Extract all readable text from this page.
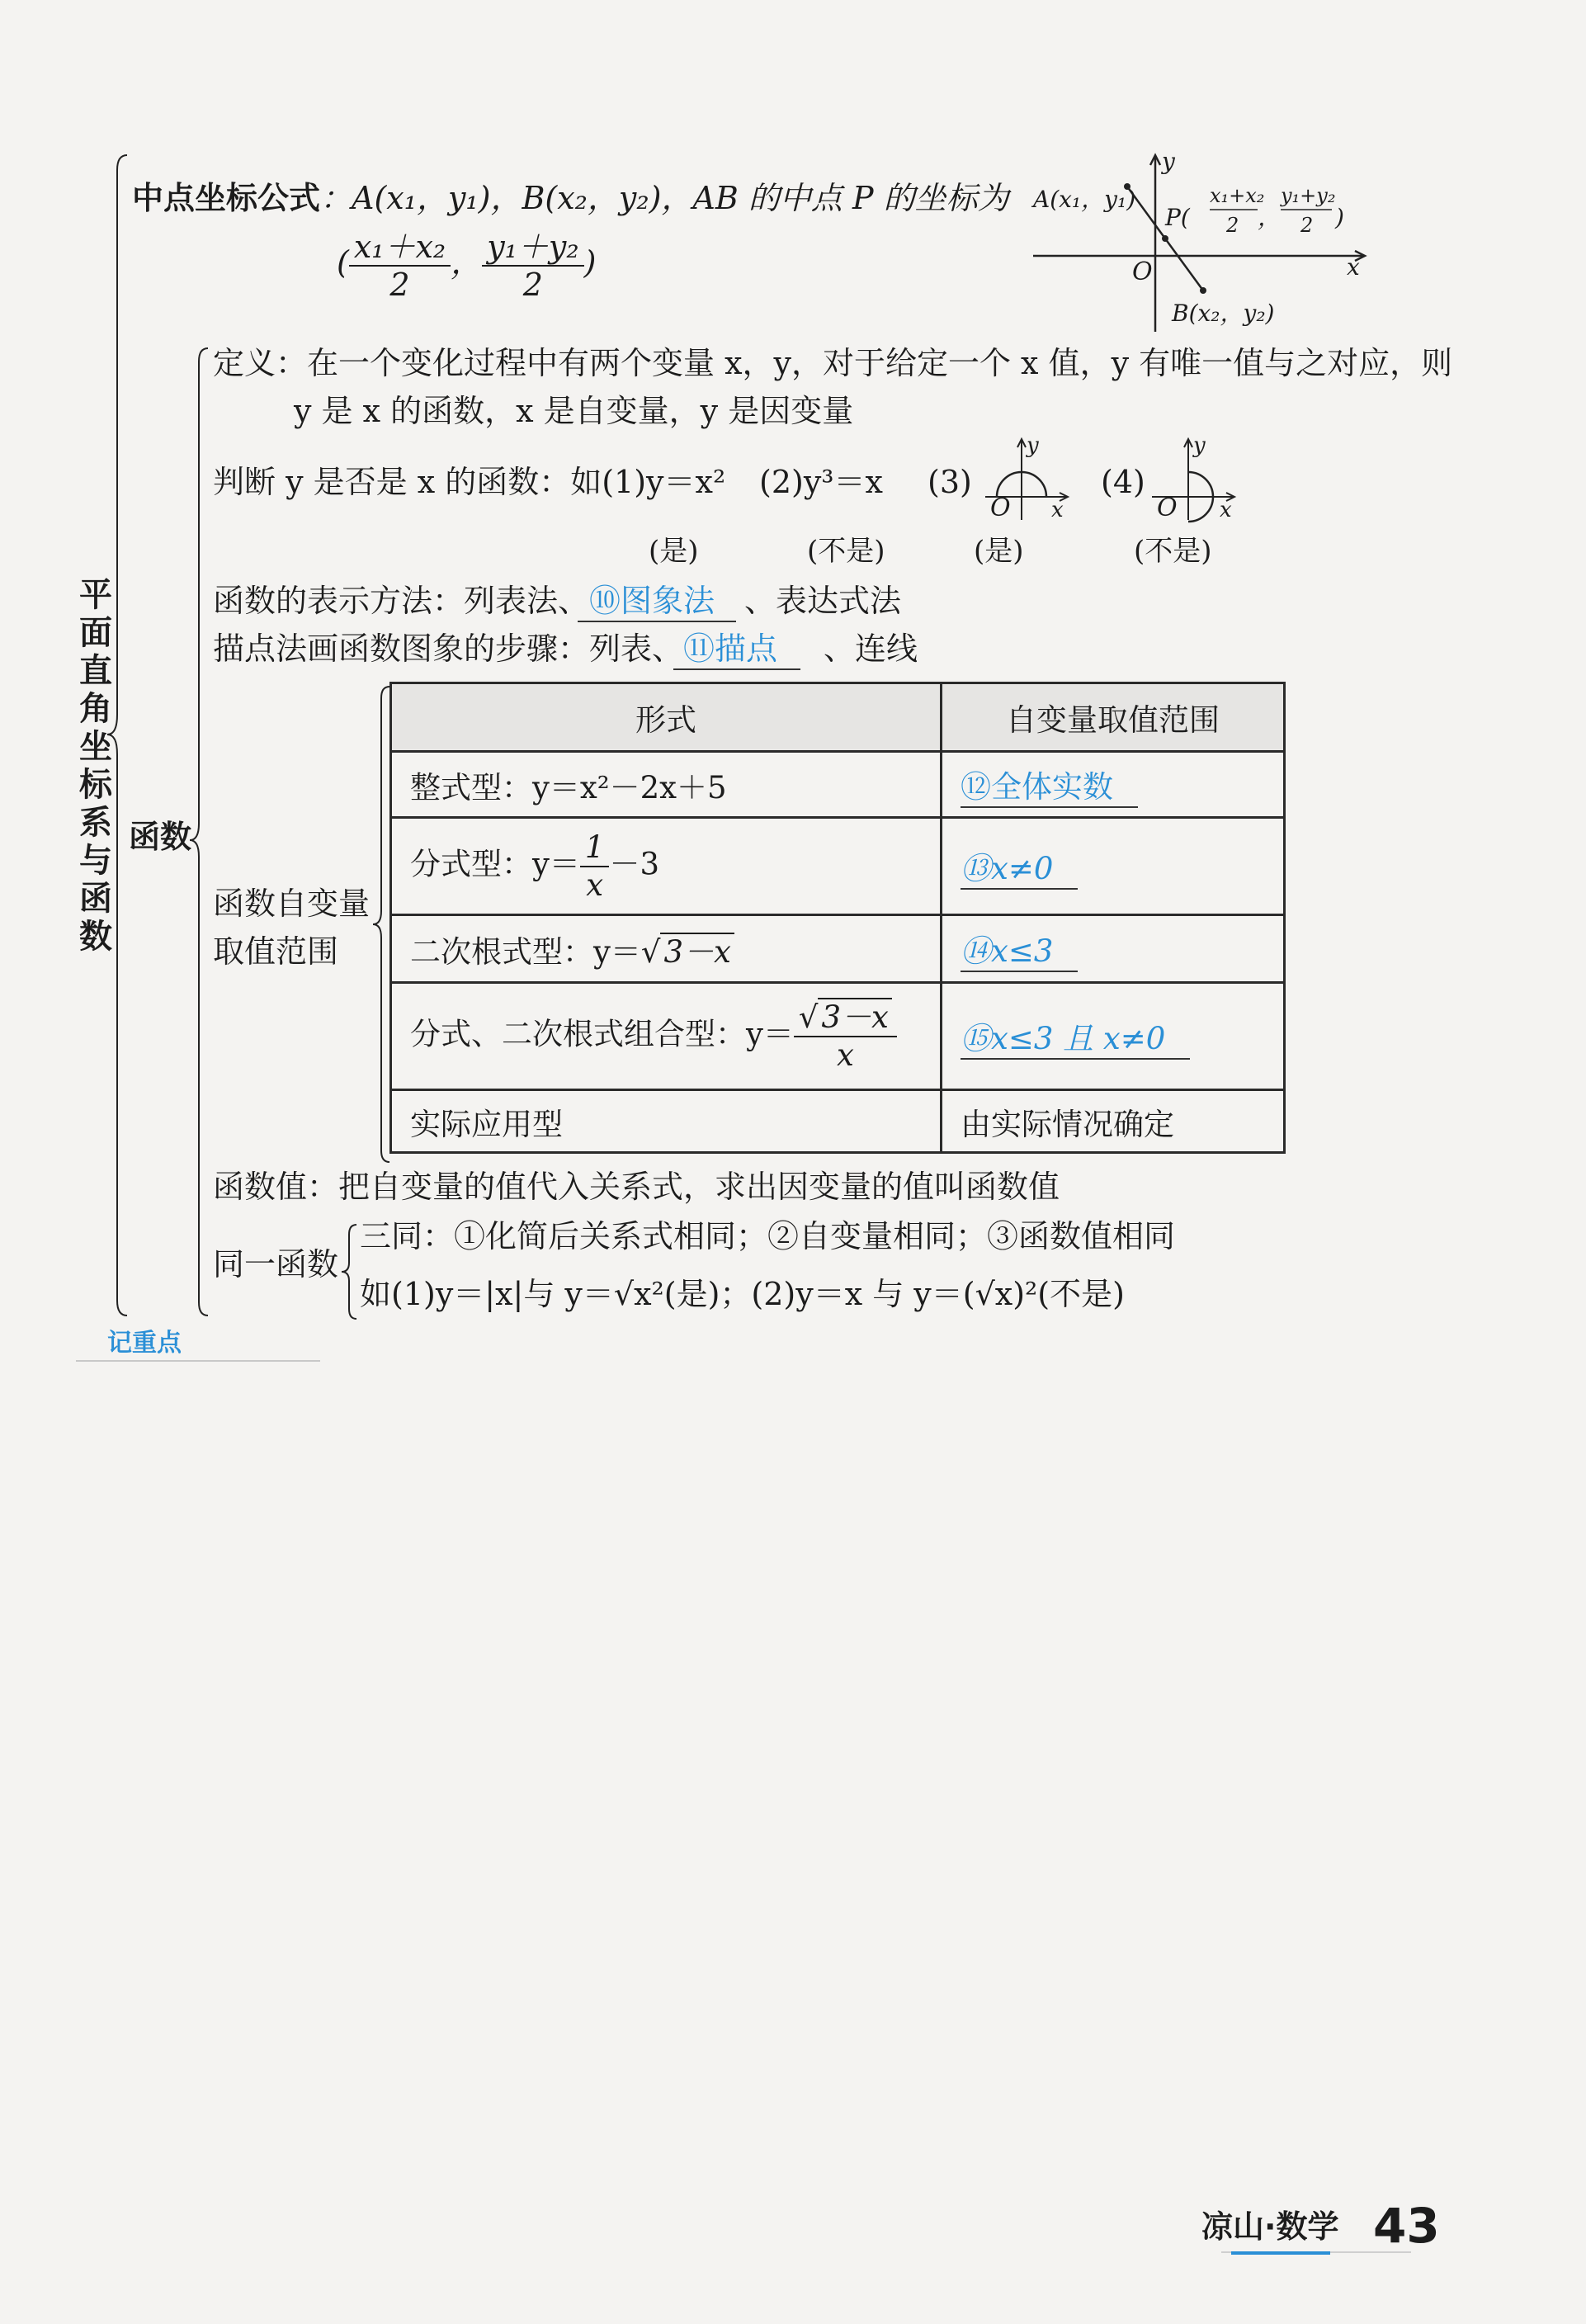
平面直角坐标系与函数
中点坐标公式：A(x₁，y₁)，B(x₂，y₂)，AB 的中点 P 的坐标为
( $\frac{\text{x₁＋x₂}}{2}$ ， $\frac{\text{y₁＋y₂}}{2}$ )
y
x
O
A(x₁，y₁)
P(
x₁+x₂
2 ，
y₁+y₂
2 )
B(x₂，y₂)
函数
定义：在一个变化过程中有两个变量 x，y，对于给定一个 x 值，y 有唯一值与之对应，则
y 是 x 的函数，x 是自变量，y 是因变量
判断 y 是否是 x 的函数：如(1)y＝x² (2)y³＝x (3)	(4)
y
x
O
y
x
O
(是)	(不是)	(是)	(不是)
函数的表示方法：列表法、⑩图象法 、表达式法
描点法画函数图象的步骤：列表、⑪描点 、连线
函数自变量取值范围
形式	自变量取值范围
整式型：y＝x²－2x＋5	⑫全体实数
分式型：$y= \frac{1}{x} -3$	⑬x≠0
二次根式型：y＝√ 3－x	⑭x≤3
分式、二次根式组合型：$y= \frac{√ 3-x}{x}$	⑮x≤3 且 x≠0
实际应用型	由实际情况确定
函数值：把自变量的值代入关系式，求出因变量的值叫函数值
同一函数
三同：①化简后关系式相同；②自变量相同；③函数值相同
如(1)y＝|x|与 y＝√x²(是)；(2)y＝x 与 y＝(√x)²(不是)
记重点
凉山·数学 43
